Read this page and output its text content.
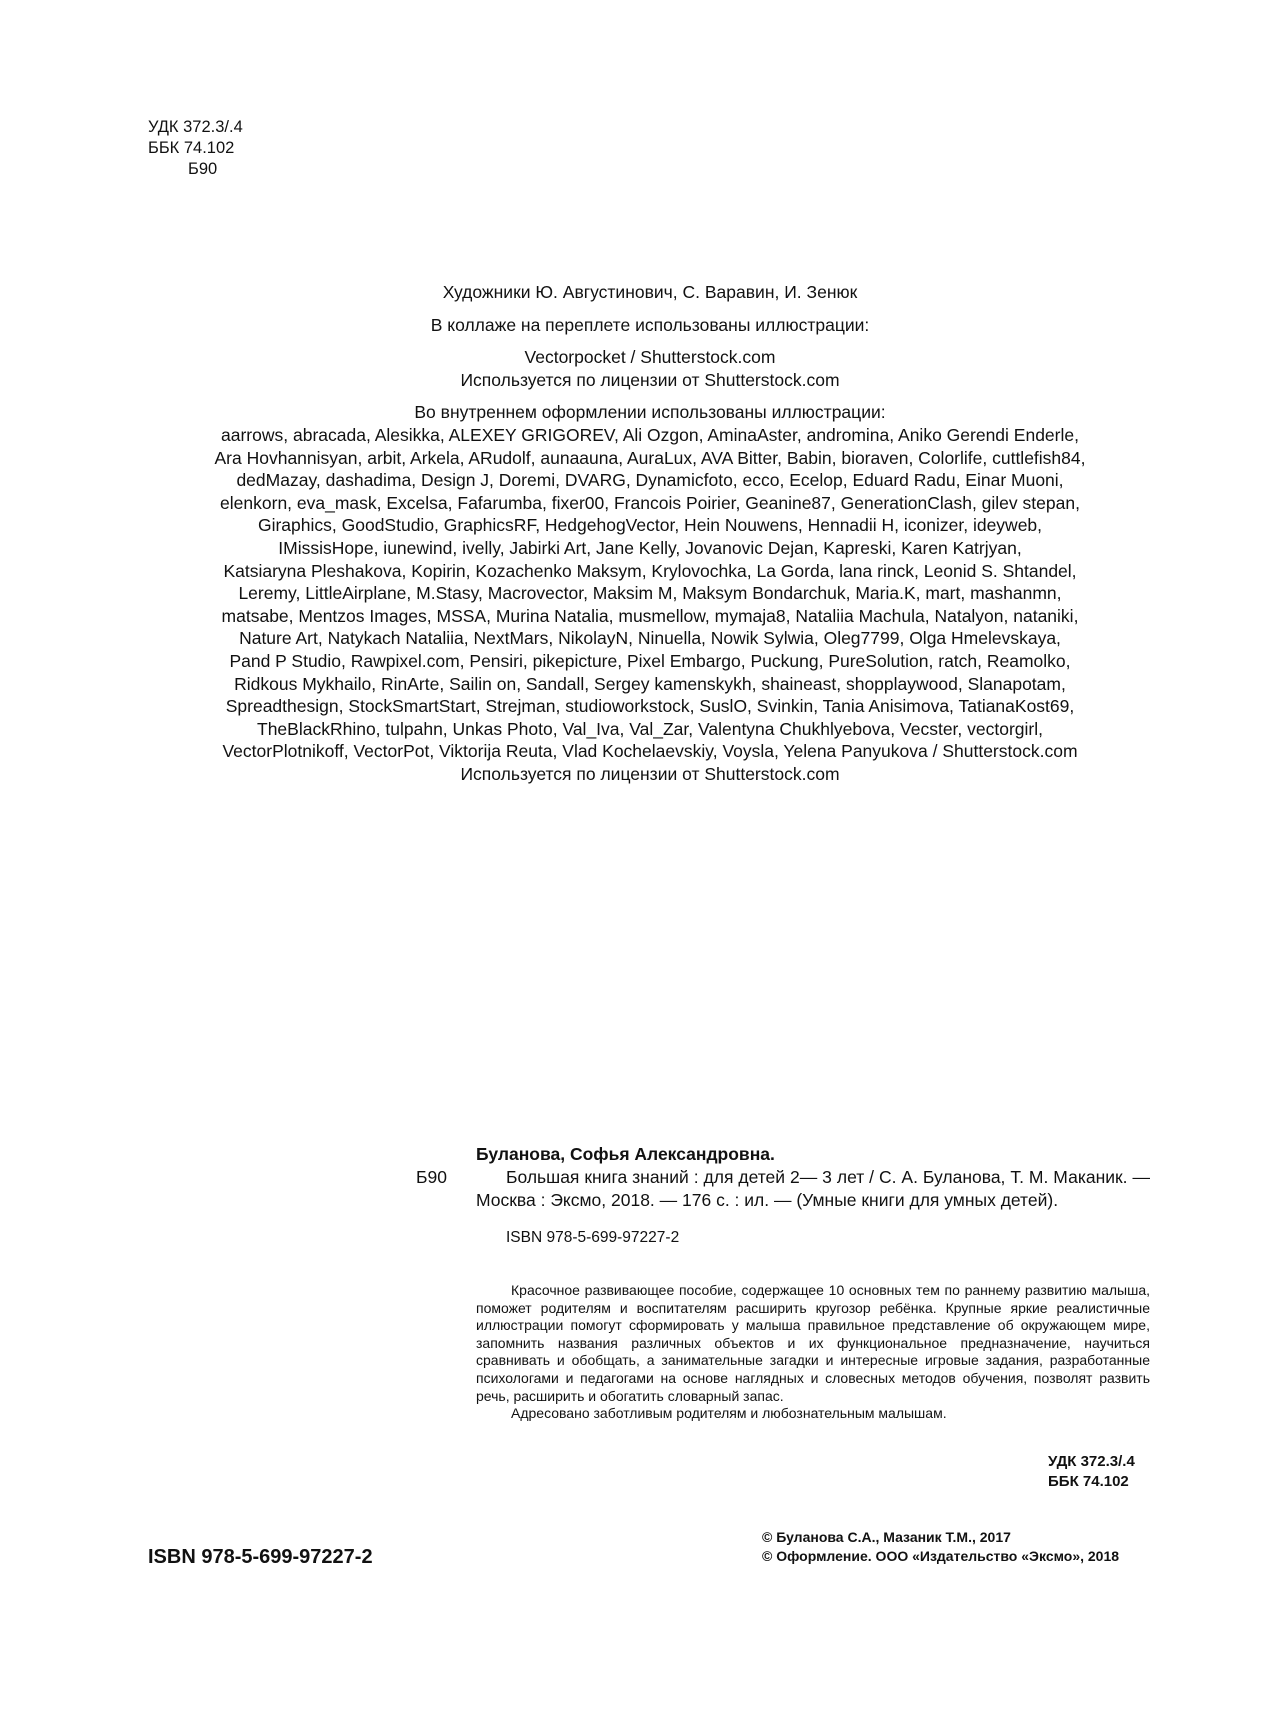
УДК 372.3/.4
ББК 74.102
Б90

Художники Ю. Августинович, С. Варавин, И. Зенюк

В коллаже на переплете использованы иллюстрации:

Vectorpocket / Shutterstock.com

Используется по лицензии от Shutterstock.com

Во внутреннем оформлении использованы иллюстрации:

aarrows, abracada, Alesikka, ALEXEY GRIGOREV, Ali Ozgon, AminaAster, andromina, Aniko Gerendi Enderle,

Ara Hovhannisyan, arbit, Arkela, ARudolf, aunaauna, AuraLux, AVA Bitter, Babin, bioraven, Colorlife, cuttlefish84,

dedMazay, dashadima, Design J, Doremi, DVARG, Dynamicfoto, ecco, Ecelop, Eduard Radu, Einar Muoni,

elenkorn, eva_mask, Excelsa, Fafarumba, fixer00, Francois Poirier, Geanine87, GenerationClash, gilev stepan,

Giraphics, GoodStudio, GraphicsRF, HedgehogVector, Hein Nouwens, Hennadii H, iconizer, ideyweb,

IMissisHope, iunewind, ivelly, Jabirki Art, Jane Kelly, Jovanovic Dejan, Kapreski, Karen Katrjyan,

Katsiaryna Pleshakova, Kopirin, Kozachenko Maksym, Krylovochka, La Gorda, lana rinck, Leonid S. Shtandel,

Leremy, LittleAirplane, M.Stasy, Macrovector, Maksim M, Maksym Bondarchuk, Maria.K, mart, mashanmn,

matsabe, Mentzos Images, MSSA, Murina Natalia, musmellow, mymaja8, Nataliia Machula, Natalyon, nataniki,

Nature Art, Natykach Nataliia, NextMars, NikolayN, Ninuella, Nowik Sylwia, Oleg7799, Olga Hmelevskaya,

Pand P Studio, Rawpixel.com, Pensiri, pikepicture, Pixel Embargo, Puckung, PureSolution, ratch, Reamolko,

Ridkous Mykhailo, RinArte, Sailin on, Sandall, Sergey kamenskykh, shaineast, shopplaywood, Slanapotam,

Spreadthesign, StockSmartStart, Strejman, studioworkstock, SuslO, Svinkin, Tania Anisimova, TatianaKost69,

TheBlackRhino, tulpahn, Unkas Photo, Val_Iva, Val_Zar, Valentyna Chukhlyebova, Vecster, vectorgirl,

VectorPlotnikoff, VectorPot, Viktorija Reuta, Vlad Kochelaevskiy, Voysla, Yelena Panyukova / Shutterstock.com

Используется по лицензии от Shutterstock.com

Буланова, Софья Александровна.

Б90	Большая книга знаний : для детей 2— 3 лет / С. А. Буланова, Т. М. Маканик. — Москва : Эксмо, 2018. — 176 с. : ил. — (Умные книги для умных детей).

ISBN 978-5-699-97227-2

Красочное развивающее пособие, содержащее 10 основных тем по раннему развитию малыша, поможет родителям и воспитателям расширить кругозор ребёнка. Крупные яркие реалистичные иллюстрации помогут сформировать у малыша правильное представление об окружающем мире, запомнить названия различных объектов и их функциональное предназначение, научиться сравнивать и обобщать, а занимательные загадки и интересные игровые задания, разработанные психологами и педагогами на основе наглядных и словесных методов обучения, позволят развить речь, расширить и обогатить словарный запас.

Адресовано заботливым родителям и любознательным малышам.

УДК 372.3/.4
ББК 74.102
ISBN 978-5-699-97227-2
© Буланова С.А., Мазаник Т.М., 2017
© Оформление. ООО «Издательство «Эксмо», 2018
